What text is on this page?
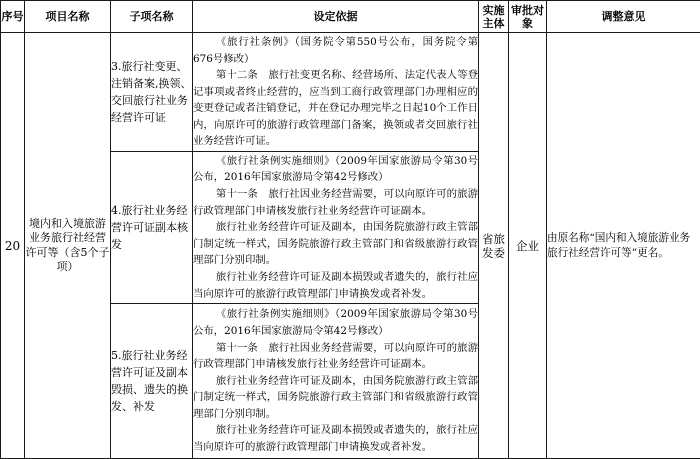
序号	项目名称	子项名称	设定依据	实施主体	审批对象	调整意见
20	境内和入境旅游业务旅行社经营许可等（含5个子项）	3.旅行社变更、注销备案,换领、交回旅行社业务经营许可证	《旅行社条例》（国务院令第550号公布，国务院令第676号修改）

第十二条　旅行社变更名称、经营场所、法定代表人等登记事项或者终止经营的，应当到工商行政管理部门办理相应的变更登记或者注销登记，并在登记办理完毕之日起10个工作日内，向原许可的旅游行政管理部门备案，换领或者交回旅行社业务经营许可证。	省旅发委	企业	由原名称“国内和入境旅游业务旅行社经营许可等”更名。

		4.旅行社业务经营许可证副本核发	《旅行社条例实施细则》（2009年国家旅游局令第30号公布，2016年国家旅游局令第42号修改）

第十一条　旅行社因业务经营需要，可以向原许可的旅游行政管理部门申请核发旅行社业务经营许可证副本。

旅行社业务经营许可证及副本，由国务院旅游行政主管部门制定统一样式，国务院旅游行政主管部门和省级旅游行政管理部门分别印制。

旅行社业务经营许可证及副本损毁或者遗失的，旅行社应当向原许可的旅游行政管理部门申请换发或者补发。			

		5.旅行社业务经营许可证及副本毁损、遗失的换发、补发	《旅行社条例实施细则》（2009年国家旅游局令第30号公布，2016年国家旅游局令第42号修改）

第十一条　旅行社因业务经营需要，可以向原许可的旅游行政管理部门申请核发旅行社业务经营许可证副本。

旅行社业务经营许可证及副本，由国务院旅游行政主管部门制定统一样式，国务院旅游行政主管部门和省级旅游行政管理部门分别印制。

旅行社业务经营许可证及副本损毁或者遗失的，旅行社应当向原许可的旅游行政管理部门申请换发或者补发。			
